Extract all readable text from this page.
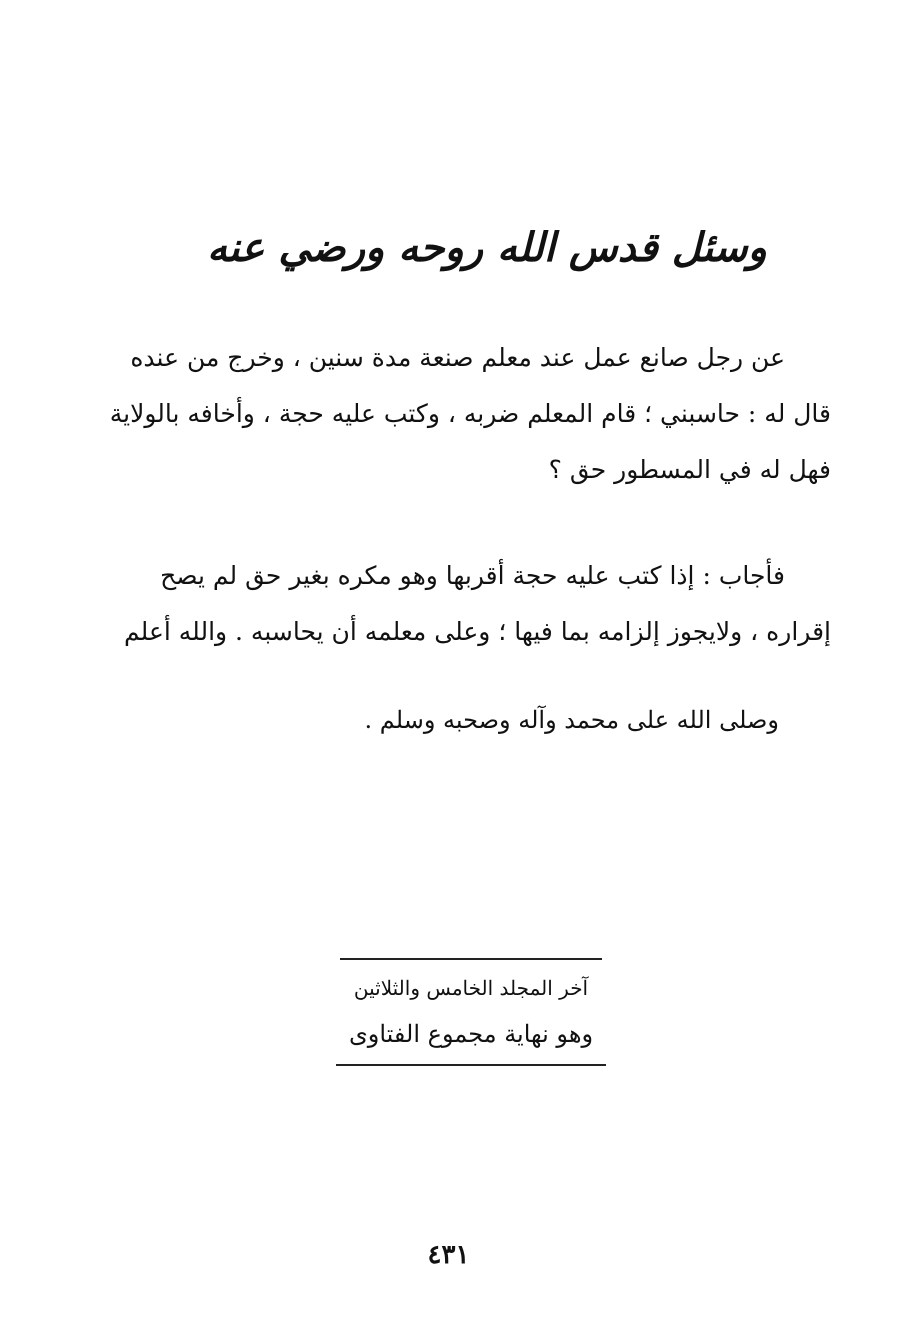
وسئل قدس الله روحه ورضي عنه
عن رجل صانع عمل عند معلم صنعة مدة سنين ، وخرج من عنده
قال له : حاسبني ؛ قام المعلم ضربه ، وكتب عليه حجة ، وأخافه بالولاية
فهل له في المسطور حق ؟
فأجاب : إذا كتب عليه حجة أقربها وهو مكره بغير حق لم يصح
إقراره ، ولايجوز إلزامه بما فيها ؛ وعلى معلمه أن يحاسبه . والله أعلم
وصلى الله على محمد وآله وصحبه وسلم .
آخر المجلد الخامس والثلاثين
وهو نهاية مجموع الفتاوى
٤٣١
